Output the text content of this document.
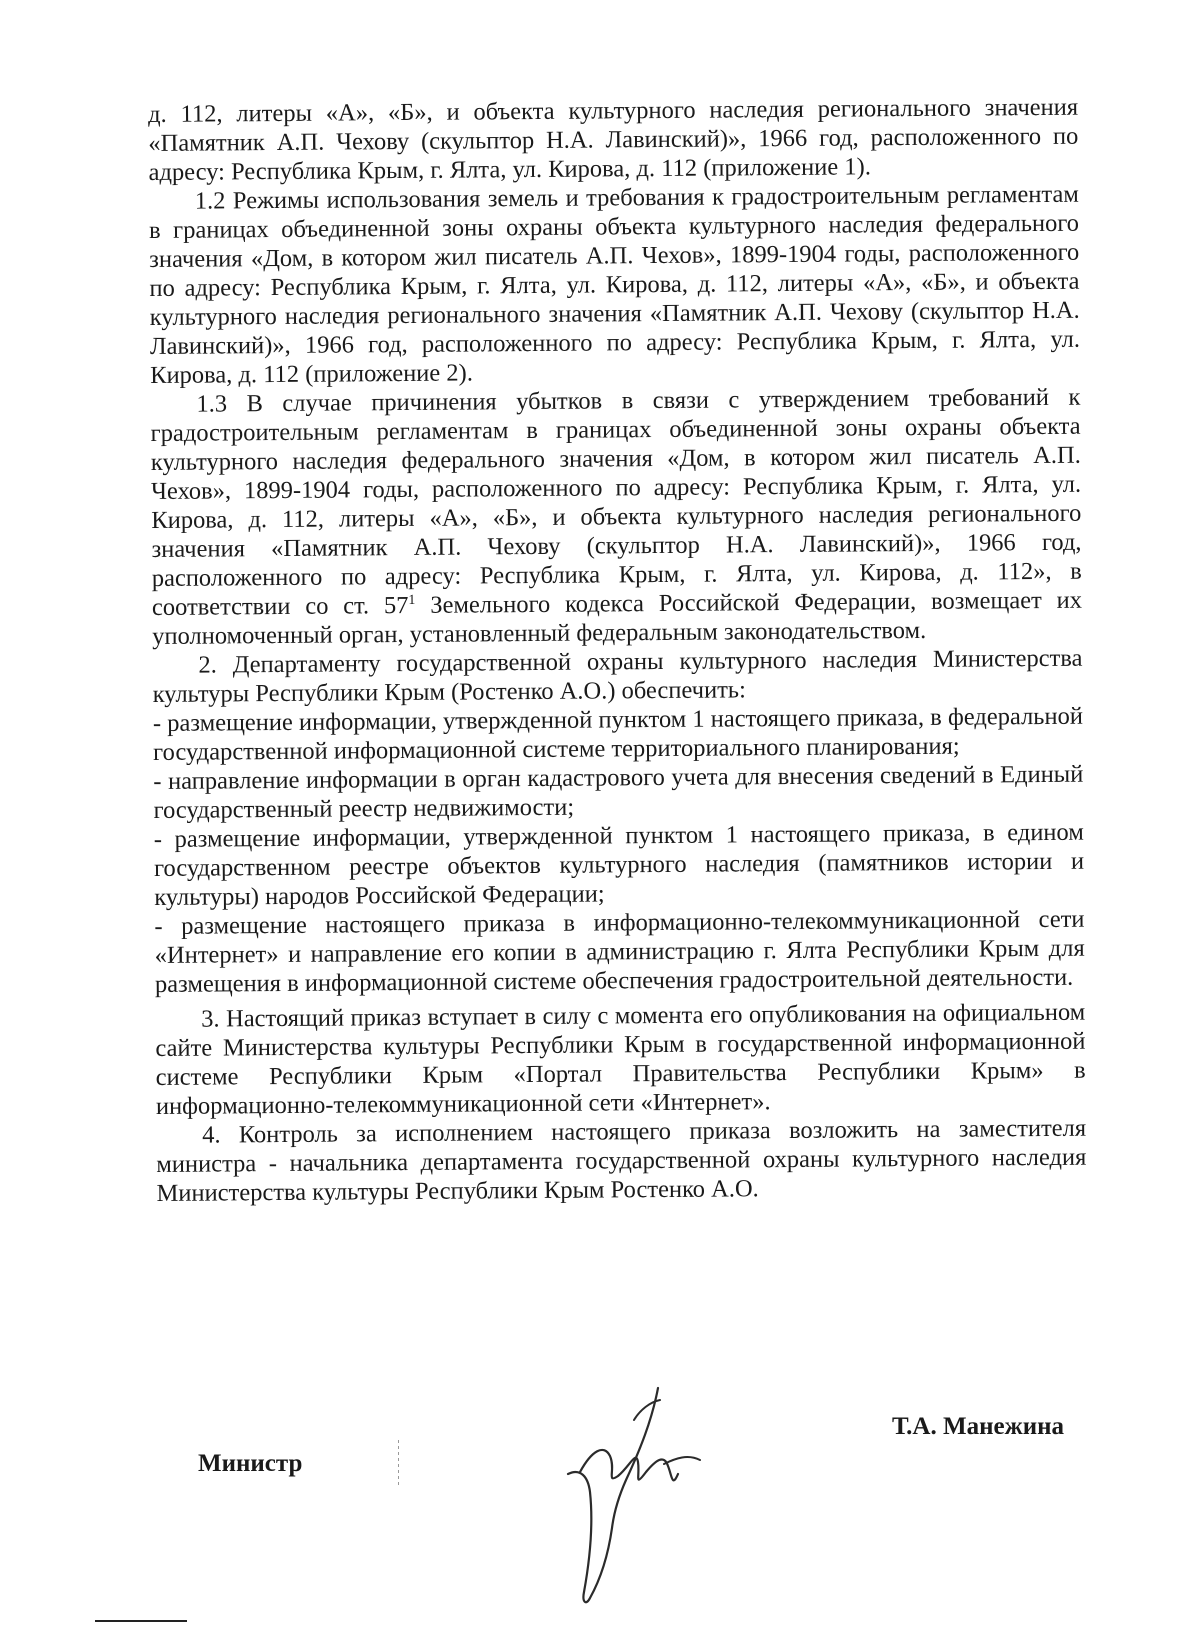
д. 112, литеры «А», «Б», и объекта культурного наследия регионального значения «Памятник А.П. Чехову (скульптор Н.А. Лавинский)», 1966 год, расположенного по адресу: Республика Крым, г. Ялта, ул. Кирова, д. 112 (приложение 1).

1.2 Режимы использования земель и требования к градостроительным регламентам в границах объединенной зоны охраны объекта культурного наследия федерального значения «Дом, в котором жил писатель А.П. Чехов», 1899-1904 годы, расположенного по адресу: Республика Крым, г. Ялта, ул. Кирова, д. 112, литеры «А», «Б», и объекта культурного наследия регионального значения «Памятник А.П. Чехову (скульптор Н.А. Лавинский)», 1966 год, расположенного по адресу: Республика Крым, г. Ялта, ул. Кирова, д. 112 (приложение 2).

1.3 В случае причинения убытков в связи с утверждением требований к градостроительным регламентам в границах объединенной зоны охраны объекта культурного наследия федерального значения «Дом, в котором жил писатель А.П. Чехов», 1899-1904 годы, расположенного по адресу: Республика Крым, г. Ялта, ул. Кирова, д. 112, литеры «А», «Б», и объекта культурного наследия регионального значения «Памятник А.П. Чехову (скульптор Н.А. Лавинский)», 1966 год, расположенного по адресу: Республика Крым, г. Ялта, ул. Кирова, д. 112», в соответствии со ст. $57^1$ Земельного кодекса Российской Федерации, возмещает их уполномоченный орган, установленный федеральным законодательством.

2. Департаменту государственной охраны культурного наследия Министерства культуры Республики Крым (Ростенко А.О.) обеспечить:

- размещение информации, утвержденной пунктом 1 настоящего приказа, в федеральной государственной информационной системе территориального планирования;

- направление информации в орган кадастрового учета для внесения сведений в Единый государственный реестр недвижимости;

- размещение информации, утвержденной пунктом 1 настоящего приказа, в едином государственном реестре объектов культурного наследия (памятников истории и культуры) народов Российской Федерации;

- размещение настоящего приказа в информационно-телекоммуникационной сети «Интернет» и направление его копии в администрацию г. Ялта Республики Крым для размещения в информационной системе обеспечения градостроительной деятельности.

3. Настоящий приказ вступает в силу с момента его опубликования на официальном сайте Министерства культуры Республики Крым в государственной информационной системе Республики Крым «Портал Правительства Республики Крым» в информационно-телекоммуникационной сети «Интернет».

4. Контроль за исполнением настоящего приказа возложить на заместителя министра - начальника департамента государственной охраны культурного наследия Министерства культуры Республики Крым Ростенко А.О.

Министр
Т.А. Манежина
